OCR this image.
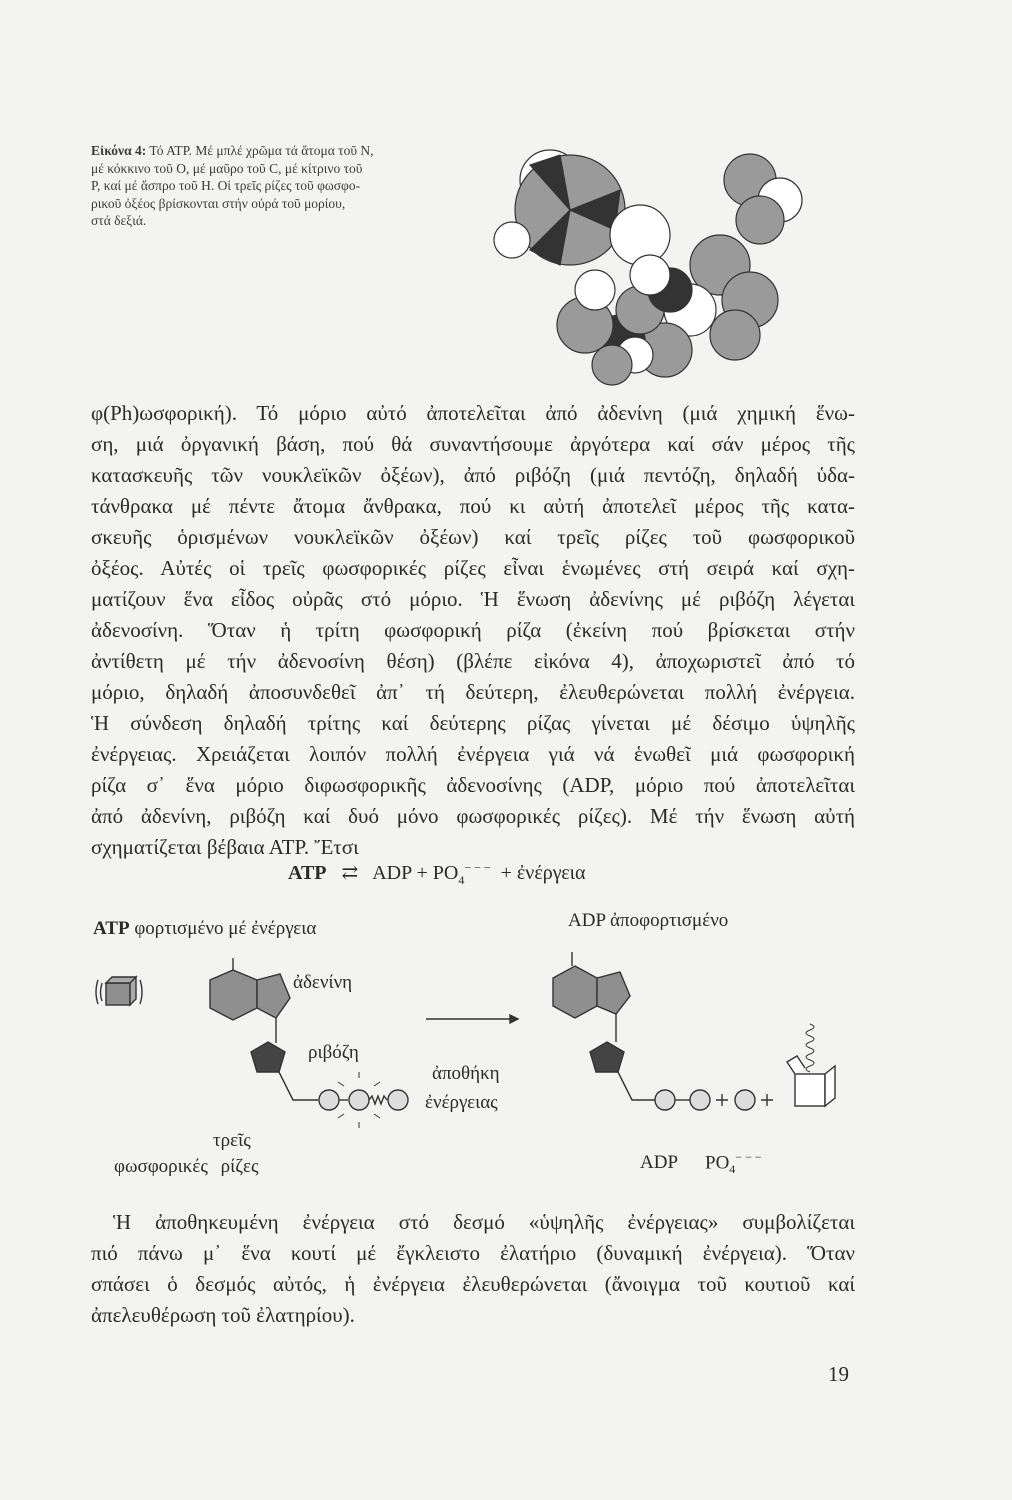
Εἰκόνα 4: Τό ΑΤΡ. Μέ μπλέ χρῶμα τά ἄτομα τοῦ Ν,
μέ κόκκινο τοῦ Ο, μέ μαῦρο τοῦ C, μέ κίτρινο τοῦ
Ρ, καί μέ ἄσπρο τοῦ Η. Οἱ τρεῖς ρίζες τοῦ φωσφο-
ρικοῦ ὀξέος βρίσκονται στήν οὐρά τοῦ μορίου,
στά δεξιά.
φ(Ph)ωσφορική). Τό μόριο αὐτό ἀποτελεῖται ἀπό ἀδενίνη (μιά χημική ἕνω-
ση, μιά ὀργανική βάση, πού θά συναντήσουμε ἀργότερα καί σάν μέρος τῆς
κατασκευῆς τῶν νουκλεϊκῶν ὀξέων), ἀπό ριβόζη (μιά πεντόζη, δηλαδή ὑδα-
τάνθρακα μέ πέντε ἄτομα ἄνθρακα, πού κι αὐτή ἀποτελεῖ μέρος τῆς κατα-
σκευῆς ὁρισμένων νουκλεϊκῶν ὀξέων) καί τρεῖς ρίζες τοῦ φωσφορικοῦ
ὀξέος. Αὐτές οἱ τρεῖς φωσφορικές ρίζες εἶναι ἑνωμένες στή σειρά καί σχη-
ματίζουν ἕνα εἶδος οὐρᾶς στό μόριο. Ἡ ἕνωση ἀδενίνης μέ ριβόζη λέγεται
ἀδενοσίνη. Ὅταν ἡ τρίτη φωσφορική ρίζα (ἐκείνη πού βρίσκεται στήν
ἀντίθετη μέ τήν ἀδενοσίνη θέση) (βλέπε εἰκόνα 4), ἀποχωριστεῖ ἀπό τό
μόριο, δηλαδή ἀποσυνδεθεῖ ἀπ᾽ τή δεύτερη, ἐλευθερώνεται πολλή ἐνέργεια.
Ἡ σύνδεση δηλαδή τρίτης καί δεύτερης ρίζας γίνεται μέ δέσιμο ὑψηλῆς
ἐνέργειας. Χρειάζεται λοιπόν πολλή ἐνέργεια γιά νά ἑνωθεῖ μιά φωσφορική
ρίζα σ᾽ ἕνα μόριο διφωσφορικῆς ἀδενοσίνης (ADP, μόριο πού ἀποτελεῖται
ἀπό ἀδενίνη, ριβόζη καί δυό μόνο φωσφορικές ρίζες). Μέ τήν ἕνωση αὐτή
σχηματίζεται βέβαια ΑΤΡ. Ἔτσι
ATP ⇄ ADP + $PO_4^{- - -}$ + ἐνέργεια
ATP φορτισμένο μέ ἐνέργεια	ADP ἀποφορτισμένο
ἀδενίνη
ριβόζη
ἀποθήκη
ἐνέργειας
τρεῖς
φωσφορικές ρίζες	ADP $PO_4^{- - -}$
Ἡ ἀποθηκευμένη ἐνέργεια στό δεσμό «ὑψηλῆς ἐνέργειας» συμβολίζεται
πιό πάνω μ᾽ ἕνα κουτί μέ ἔγκλειστο ἐλατήριο (δυναμική ἐνέργεια). Ὅταν
σπάσει ὁ δεσμός αὐτός, ἡ ἐνέργεια ἐλευθερώνεται (ἄνοιγμα τοῦ κουτιοῦ καί
ἀπελευθέρωση τοῦ ἐλατηρίου).
19
